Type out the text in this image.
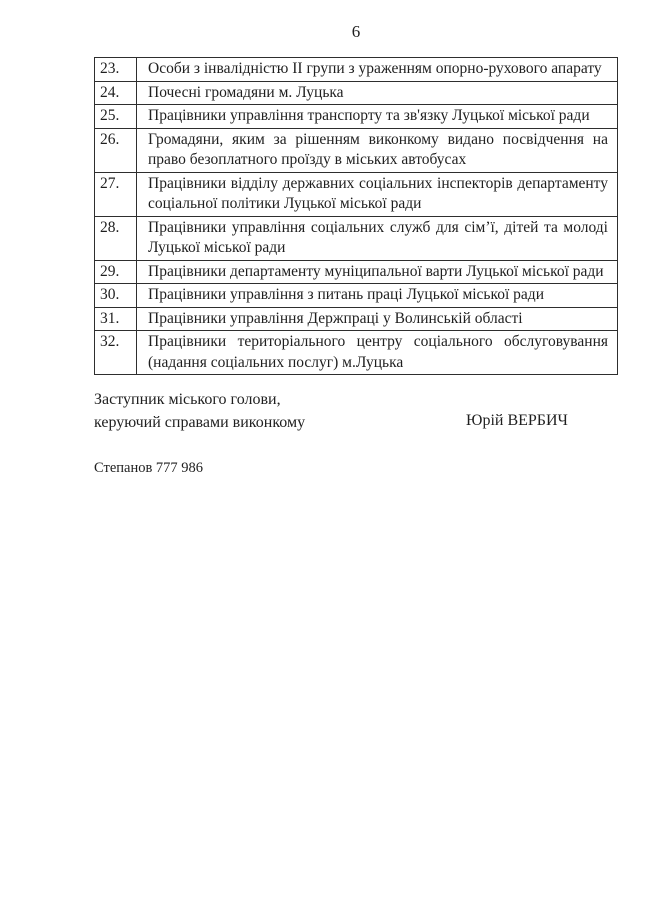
6
23.	Особи з інвалідністю ІІ групи з ураженням опорно-рухового апарату
24.	Почесні громадяни м. Луцька
25.	Працівники управління транспорту та зв'язку Луцької міської ради
26.	Громадяни, яким за рішенням виконкому видано посвідчення на право безоплатного проїзду в міських автобусах
27.	Працівники відділу державних соціальних інспекторів департаменту соціальної політики Луцької міської ради
28.	Працівники управління соціальних служб для сім’ї, дітей та молоді Луцької міської ради
29.	Працівники департаменту муніципальної варти Луцької міської ради
30.	Працівники управління з питань праці Луцької міської ради
31.	Працівники управління Держпраці у Волинській області
32.	Працівники територіального центру соціального обслуговування (надання соціальних послуг) м.Луцька
Заступник міського голови,
керуючий справами виконкому	Юрій ВЕРБИЧ
Степанов 777 986
